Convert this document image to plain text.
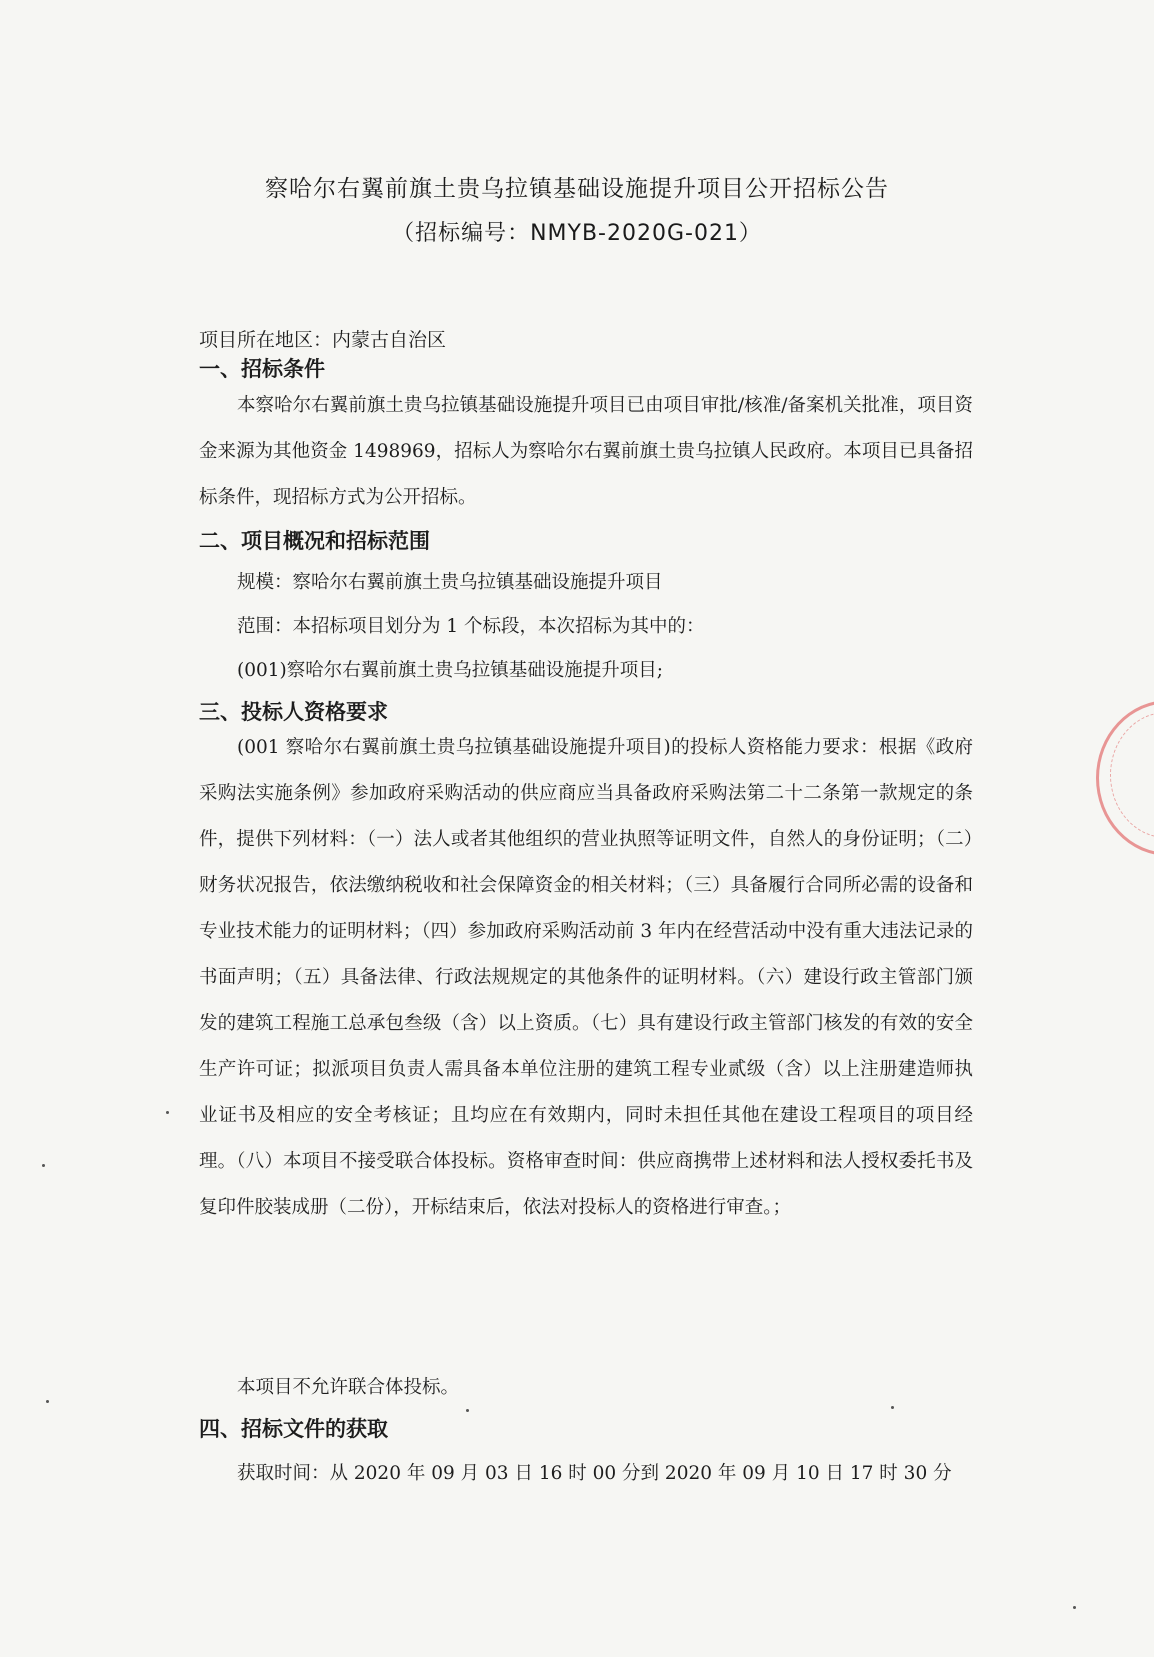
察哈尔右翼前旗土贵乌拉镇基础设施提升项目公开招标公告
（招标编号：NMYB-2020G-021）
项目所在地区：内蒙古自治区
一、招标条件

本察哈尔右翼前旗土贵乌拉镇基础设施提升项目已由项目审批/核准/备案机关批准，项目资金来源为其他资金 1498969，招标人为察哈尔右翼前旗土贵乌拉镇人民政府。本项目已具备招标条件，现招标方式为公开招标。

二、项目概况和招标范围
规模：察哈尔右翼前旗土贵乌拉镇基础设施提升项目
范围：本招标项目划分为 1 个标段，本次招标为其中的：
(001)察哈尔右翼前旗土贵乌拉镇基础设施提升项目;
三、投标人资格要求

(001 察哈尔右翼前旗土贵乌拉镇基础设施提升项目)的投标人资格能力要求：根据《政府采购法实施条例》参加政府采购活动的供应商应当具备政府采购法第二十二条第一款规定的条件，提供下列材料：（一）法人或者其他组织的营业执照等证明文件，自然人的身份证明；（二）财务状况报告，依法缴纳税收和社会保障资金的相关材料；（三）具备履行合同所必需的设备和专业技术能力的证明材料；（四）参加政府采购活动前 3 年内在经营活动中没有重大违法记录的书面声明；（五）具备法律、行政法规规定的其他条件的证明材料。（六）建设行政主管部门颁发的建筑工程施工总承包叁级（含）以上资质。（七）具有建设行政主管部门核发的有效的安全生产许可证；拟派项目负责人需具备本单位注册的建筑工程专业贰级（含）以上注册建造师执业证书及相应的安全考核证；且均应在有效期内，同时未担任其他在建设工程项目的项目经理。（八）本项目不接受联合体投标。资格审查时间：供应商携带上述材料和法人授权委托书及复印件胶装成册（二份），开标结束后，依法对投标人的资格进行审查。；

本项目不允许联合体投标。
四、招标文件的获取
获取时间：从 2020 年 09 月 03 日 16 时 00 分到 2020 年 09 月 10 日 17 时 30 分
